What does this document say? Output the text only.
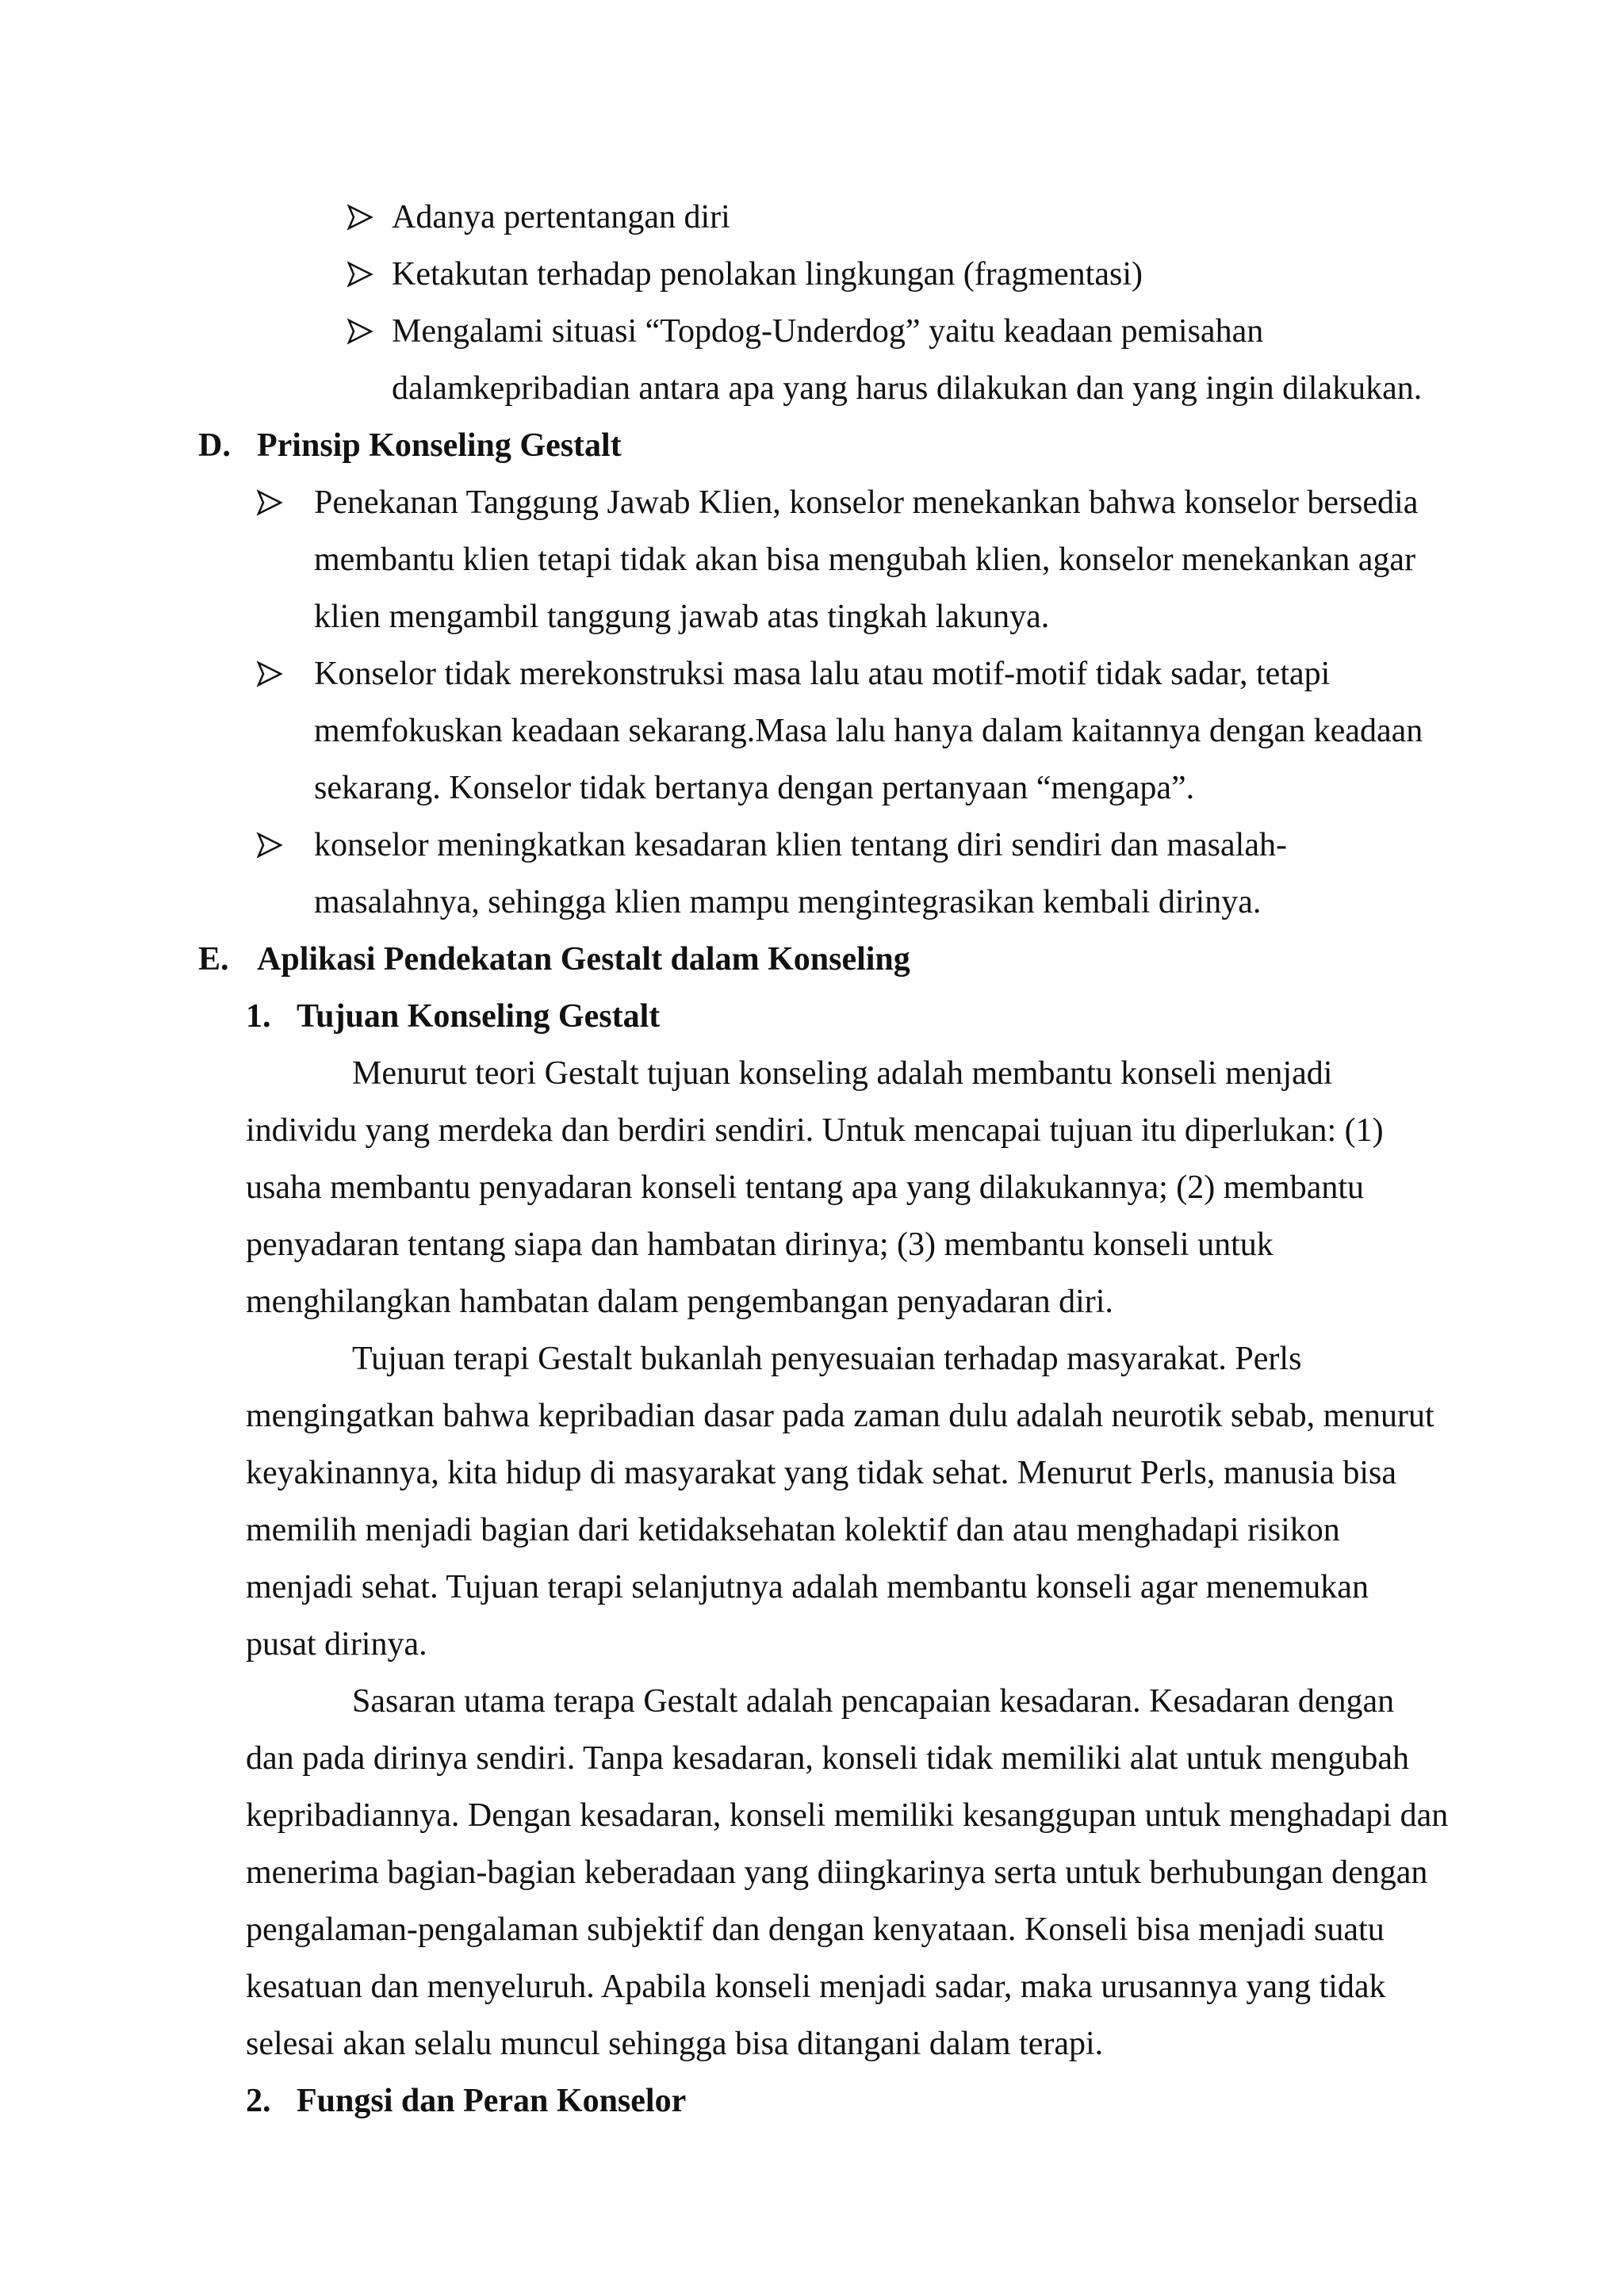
Adanya pertentangan diri
Ketakutan terhadap penolakan lingkungan (fragmentasi)
Mengalami situasi “Topdog-Underdog” yaitu keadaan pemisahan
dalamkepribadian antara apa yang harus dilakukan dan yang ingin dilakukan.
D. Prinsip Konseling Gestalt
Penekanan Tanggung Jawab Klien, konselor menekankan bahwa konselor bersedia
membantu klien tetapi tidak akan bisa mengubah klien, konselor menekankan agar
klien mengambil tanggung jawab atas tingkah lakunya.
Konselor tidak merekonstruksi masa lalu atau motif-motif tidak sadar, tetapi
memfokuskan keadaan sekarang.Masa lalu hanya dalam kaitannya dengan keadaan
sekarang. Konselor tidak bertanya dengan pertanyaan “mengapa”.
konselor meningkatkan kesadaran klien tentang diri sendiri dan masalah-
masalahnya, sehingga klien mampu mengintegrasikan kembali dirinya.
E. Aplikasi Pendekatan Gestalt dalam Konseling
1. Tujuan Konseling Gestalt
Menurut teori Gestalt tujuan konseling adalah membantu konseli menjadi
individu yang merdeka dan berdiri sendiri. Untuk mencapai tujuan itu diperlukan: (1)
usaha membantu penyadaran konseli tentang apa yang dilakukannya; (2) membantu
penyadaran tentang siapa dan hambatan dirinya; (3) membantu konseli untuk
menghilangkan hambatan dalam pengembangan penyadaran diri.
Tujuan terapi Gestalt bukanlah penyesuaian terhadap masyarakat. Perls
mengingatkan bahwa kepribadian dasar pada zaman dulu adalah neurotik sebab, menurut
keyakinannya, kita hidup di masyarakat yang tidak sehat. Menurut Perls, manusia bisa
memilih menjadi bagian dari ketidaksehatan kolektif dan atau menghadapi risikon
menjadi sehat. Tujuan terapi selanjutnya adalah membantu konseli agar menemukan
pusat dirinya.
Sasaran utama terapa Gestalt adalah pencapaian kesadaran. Kesadaran dengan
dan pada dirinya sendiri. Tanpa kesadaran, konseli tidak memiliki alat untuk mengubah
kepribadiannya. Dengan kesadaran, konseli memiliki kesanggupan untuk menghadapi dan
menerima bagian-bagian keberadaan yang diingkarinya serta untuk berhubungan dengan
pengalaman-pengalaman subjektif dan dengan kenyataan. Konseli bisa menjadi suatu
kesatuan dan menyeluruh. Apabila konseli menjadi sadar, maka urusannya yang tidak
selesai akan selalu muncul sehingga bisa ditangani dalam terapi.
2. Fungsi dan Peran Konselor
